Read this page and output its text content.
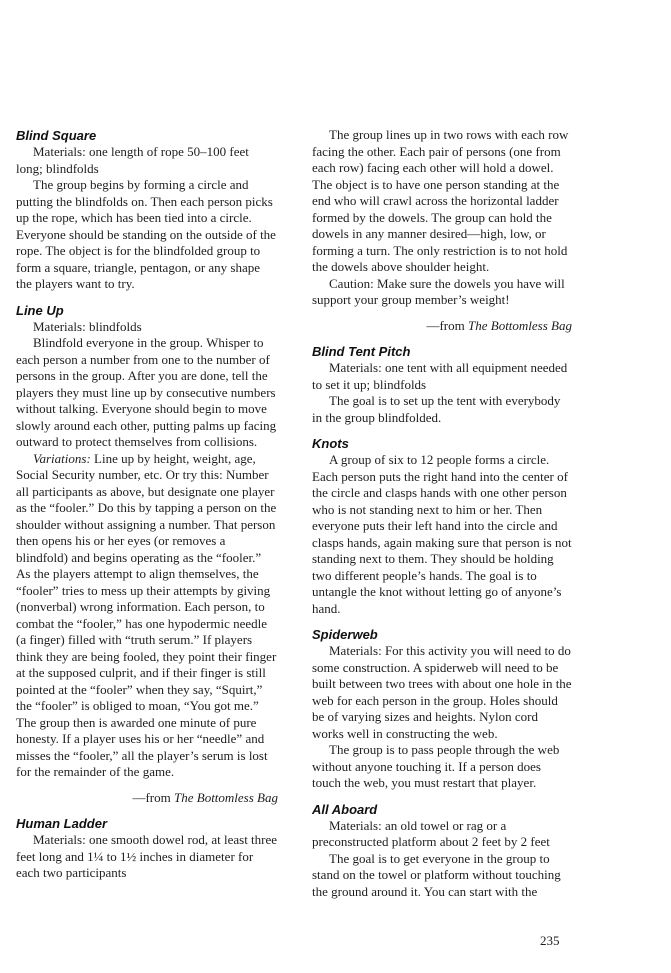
Blind Square

Materials: one length of rope 50–100 feet long; blindfolds

The group begins by forming a circle and putting the blindfolds on. Then each person picks up the rope, which has been tied into a circle. Everyone should be standing on the outside of the rope. The object is for the blindfolded group to form a square, triangle, pentagon, or any shape the players want to try.

Line Up

Materials: blindfolds

Blindfold everyone in the group. Whisper to each person a number from one to the number of persons in the group. After you are done, tell the players they must line up by consecutive numbers without talking. Everyone should begin to move slowly around each other, putting palms up facing outward to protect themselves from collisions.

Variations: Line up by height, weight, age, Social Security number, etc. Or try this: Number all participants as above, but designate one player as the “fooler.” Do this by tapping a person on the shoulder without assigning a number. That person then opens his or her eyes (or removes a blindfold) and begins operating as the “fooler.” As the players attempt to align themselves, the “fooler” tries to mess up their attempts by giving (nonverbal) wrong information. Each person, to combat the “fooler,” has one hypodermic needle (a finger) filled with “truth serum.” If players think they are being fooled, they point their finger at the supposed culprit, and if their finger is still pointed at the “fooler” when they say, “Squirt,” the “fooler” is obliged to moan, “You got me.” The group then is awarded one minute of pure honesty. If a player uses his or her “needle” and misses the “fooler,” all the player’s serum is lost for the remainder of the game.

—from The Bottomless Bag

Human Ladder

Materials: one smooth dowel rod, at least three feet long and 1¼ to 1½ inches in diameter for each two participants

The group lines up in two rows with each row facing the other. Each pair of persons (one from each row) facing each other will hold a dowel. The object is to have one person standing at the end who will crawl across the horizontal ladder formed by the dowels. The group can hold the dowels in any manner desired—high, low, or forming a turn. The only restriction is to not hold the dowels above shoulder height.

Caution: Make sure the dowels you have will support your group member’s weight!

—from The Bottomless Bag

Blind Tent Pitch

Materials: one tent with all equipment needed to set it up; blindfolds

The goal is to set up the tent with everybody in the group blindfolded.

Knots

A group of six to 12 people forms a circle. Each person puts the right hand into the center of the circle and clasps hands with one other person who is not standing next to him or her. Then everyone puts their left hand into the circle and clasps hands, again making sure that person is not standing next to them. They should be holding two different people’s hands. The goal is to untangle the knot without letting go of anyone’s hand.

Spiderweb

Materials: For this activity you will need to do some construction. A spiderweb will need to be built between two trees with about one hole in the web for each person in the group. Holes should be of varying sizes and heights. Nylon cord works well in constructing the web.

The group is to pass people through the web without anyone touching it. If a person does touch the web, you must restart that player.

All Aboard

Materials: an old towel or rag or a preconstructed platform about 2 feet by 2 feet

The goal is to get everyone in the group to stand on the towel or platform without touching the ground around it. You can start with the

235
